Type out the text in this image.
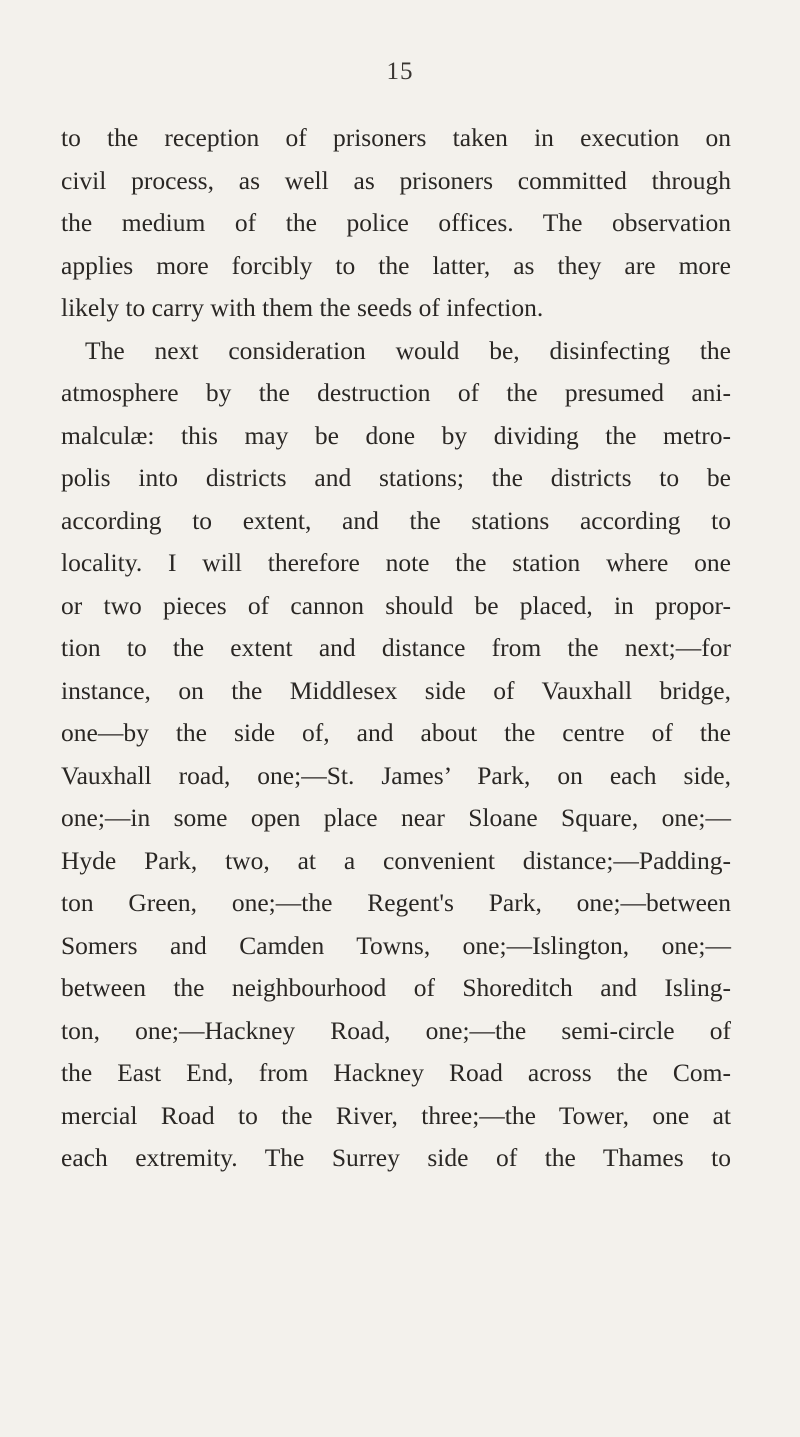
15
to the reception of prisoners taken in execution on
civil process, as well as prisoners committed through
the medium of the police offices. The observation
applies more forcibly to the latter, as they are more
likely to carry with them the seeds of infection.
The next consideration would be, disinfecting the
atmosphere by the destruction of the presumed ani-
malculæ: this may be done by dividing the metro-
polis into districts and stations; the districts to be
according to extent, and the stations according to
locality. I will therefore note the station where one
or two pieces of cannon should be placed, in propor-
tion to the extent and distance from the next;—for
instance, on the Middlesex side of Vauxhall bridge,
one—by the side of, and about the centre of the
Vauxhall road, one;—St. James’ Park, on each side,
one;—in some open place near Sloane Square, one;—
Hyde Park, two, at a convenient distance;—Padding-
ton Green, one;—the Regent's Park, one;—between
Somers and Camden Towns, one;—Islington, one;—
between the neighbourhood of Shoreditch and Isling-
ton, one;—Hackney Road, one;—the semi-circle of
the East End, from Hackney Road across the Com-
mercial Road to the River, three;—the Tower, one at
each extremity. The Surrey side of the Thames to
